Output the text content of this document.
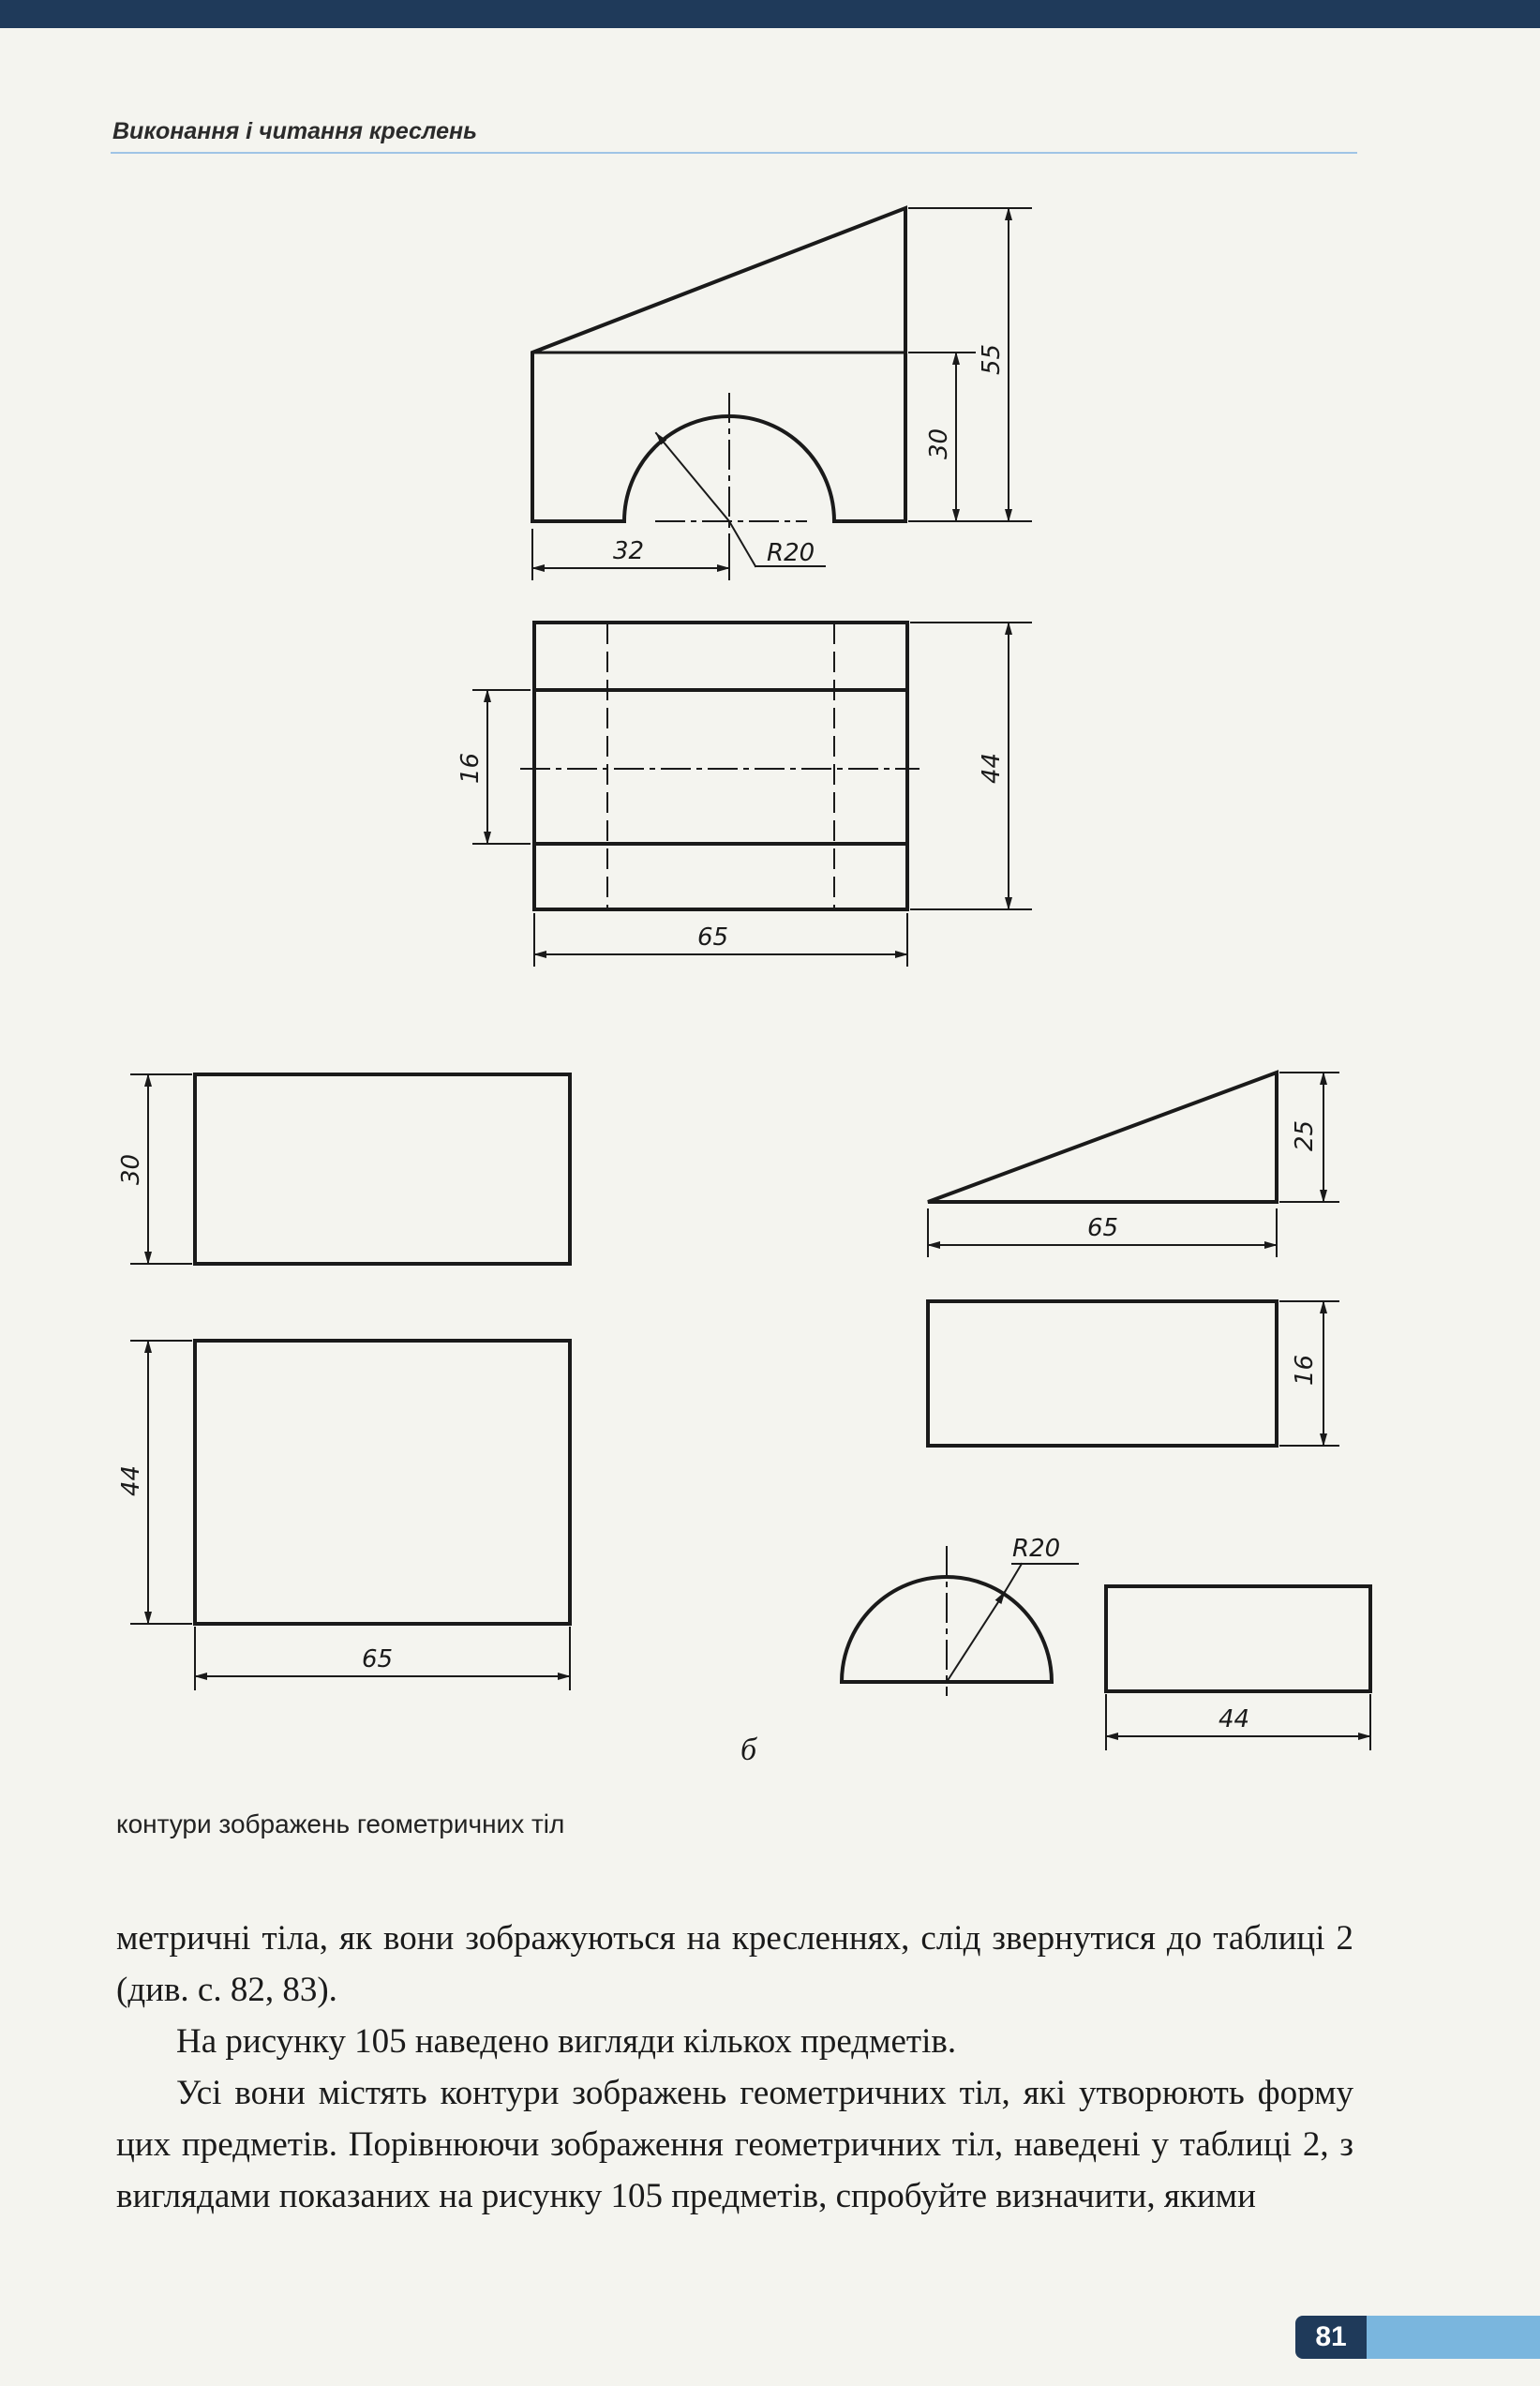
Виконання і читання креслень
55
30
32	R20
16	44
65
30
44
65
25
65
16
R20
44
б
контури зображень геометричних тіл

метричні тіла, як вони зображуються на кресленнях, слід звернутися до таблиці 2 (див. с. 82, 83).

На рисунку 105 наведено вигляди кількох предметів.

Усі вони містять контури зображень геометричних тіл, які утворюють форму цих предметів. Порівнюючи зображення геометричних тіл, наведені у таблиці 2, з виглядами показаних на рисунку 105 предметів, спробуйте визначити, якими

81
